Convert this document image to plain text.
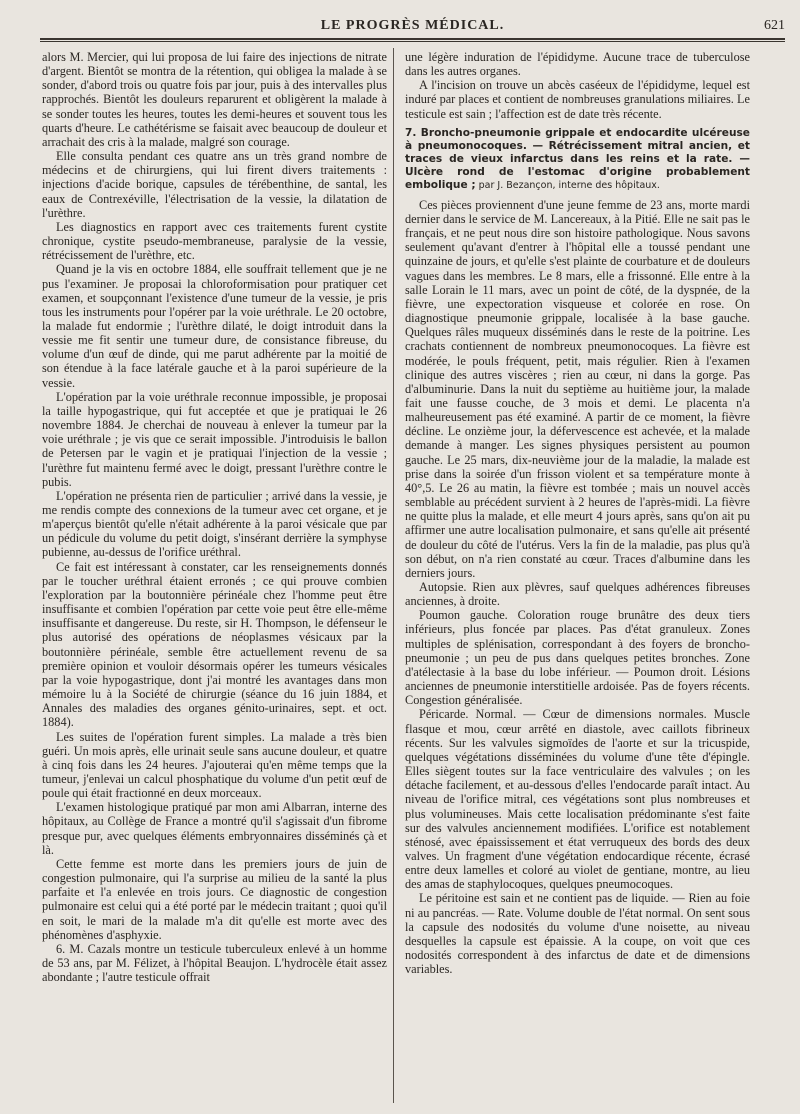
LE PROGRÈS MÉDICAL.	621

alors M. Mercier, qui lui proposa de lui faire des injections de nitrate d'argent. Bientôt se montra de la rétention, qui obligea la malade à se sonder, d'abord trois ou quatre fois par jour, puis à des intervalles plus rapprochés. Bientôt les douleurs reparurent et obligèrent la malade à se sonder toutes les heures, toutes les demi-heures et souvent tous les quarts d'heure. Le cathétérisme se faisait avec beaucoup de douleur et arrachait des cris à la malade, malgré son courage.

Elle consulta pendant ces quatre ans un très grand nombre de médecins et de chirurgiens, qui lui firent divers traitements : injections d'acide borique, capsules de térébenthine, de santal, les eaux de Contrexéville, l'électrisation de la vessie, la dilatation de l'urèthre.

Les diagnostics en rapport avec ces traitements furent cystite chronique, cystite pseudo-membraneuse, paralysie de la vessie, rétrécissement de l'urèthre, etc.

Quand je la vis en octobre 1884, elle souffrait tellement que je ne pus l'examiner. Je proposai la chloroformisation pour pratiquer cet examen, et soupçonnant l'existence d'une tumeur de la vessie, je pris tous les instruments pour l'opérer par la voie uréthrale. Le 20 octobre, la malade fut endormie ; l'urèthre dilaté, le doigt introduit dans la vessie me fit sentir une tumeur dure, de consistance fibreuse, du volume d'un œuf de dinde, qui me parut adhérente par la moitié de son étendue à la face latérale gauche et à la paroi supérieure de la vessie.

L'opération par la voie uréthrale reconnue impossible, je proposai la taille hypogastrique, qui fut acceptée et que je pratiquai le 26 novembre 1884. Je cherchai de nouveau à enlever la tumeur par la voie uréthrale ; je vis que ce serait impossible. J'introduisis le ballon de Petersen par le vagin et je pratiquai l'injection de la vessie ; l'urèthre fut maintenu fermé avec le doigt, pressant l'urèthre contre le pubis.

L'opération ne présenta rien de particulier ; arrivé dans la vessie, je me rendis compte des connexions de la tumeur avec cet organe, et je m'aperçus bientôt qu'elle n'était adhérente à la paroi vésicale que par un pédicule du volume du petit doigt, s'insérant derrière la symphyse pubienne, au-dessus de l'orifice uréthral.

Ce fait est intéressant à constater, car les renseignements donnés par le toucher uréthral étaient erronés ; ce qui prouve combien l'exploration par la boutonnière périnéale chez l'homme peut être insuffisante et combien l'opération par cette voie peut être elle-même insuffisante et dangereuse. Du reste, sir H. Thompson, le défenseur le plus autorisé des opérations de néoplasmes vésicaux par la boutonnière périnéale, semble être actuellement revenu de sa première opinion et vouloir désormais opérer les tumeurs vésicales par la voie hypogastrique, dont j'ai montré les avantages dans mon mémoire lu à la Société de chirurgie (séance du 16 juin 1884, et Annales des maladies des organes génito-urinaires, sept. et oct. 1884).

Les suites de l'opération furent simples. La malade a très bien guéri. Un mois après, elle urinait seule sans aucune douleur, et quatre à cinq fois dans les 24 heures. J'ajouterai qu'en même temps que la tumeur, j'enlevai un calcul phosphatique du volume d'un petit œuf de poule qui était fractionné en deux morceaux.

L'examen histologique pratiqué par mon ami Albarran, interne des hôpitaux, au Collège de France a montré qu'il s'agissait d'un fibrome presque pur, avec quelques éléments embryonnaires disséminés çà et là.

Cette femme est morte dans les premiers jours de juin de congestion pulmonaire, qui l'a surprise au milieu de la santé la plus parfaite et l'a enlevée en trois jours. Ce diagnostic de congestion pulmonaire est celui qui a été porté par le médecin traitant ; quoi qu'il en soit, le mari de la malade m'a dit qu'elle est morte avec des phénomènes d'asphyxie.

6. M. Cazals montre un testicule tuberculeux enlevé à un homme de 53 ans, par M. Félizet, à l'hôpital Beaujon. L'hydrocèle était assez abondante ; l'autre testicule offrait

une légère induration de l'épididyme. Aucune trace de tuberculose dans les autres organes.

A l'incision on trouve un abcès caséeux de l'épididyme, lequel est induré par places et contient de nombreuses granulations miliaires. Le testicule est sain ; l'affection est de date très récente.

7. Broncho-pneumonie grippale et endocardite ulcéreuse à pneumonocoques. — Rétrécissement mitral ancien, et traces de vieux infarctus dans les reins et la rate. — Ulcère rond de l'estomac d'origine probablement embolique ; par J. Bezançon, interne des hôpitaux.

Ces pièces proviennent d'une jeune femme de 23 ans, morte mardi dernier dans le service de M. Lancereaux, à la Pitié. Elle ne sait pas le français, et ne peut nous dire son histoire pathologique. Nous savons seulement qu'avant d'entrer à l'hôpital elle a toussé pendant une quinzaine de jours, et qu'elle s'est plainte de courbature et de douleurs vagues dans les membres. Le 8 mars, elle a frissonné. Elle entre à la salle Lorain le 11 mars, avec un point de côté, de la dyspnée, de la fièvre, une expectoration visqueuse et colorée en rose. On diagnostique pneumonie grippale, localisée à la base gauche. Quelques râles muqueux disséminés dans le reste de la poitrine. Les crachats contiennent de nombreux pneumonocoques. La fièvre est modérée, le pouls fréquent, petit, mais régulier. Rien à l'examen clinique des autres viscères ; rien au cœur, ni dans la gorge. Pas d'albuminurie. Dans la nuit du septième au huitième jour, la malade fait une fausse couche, de 3 mois et demi. Le placenta n'a malheureusement pas été examiné. A partir de ce moment, la fièvre décline. Le onzième jour, la défervescence est achevée, et la malade demande à manger. Les signes physiques persistent au poumon gauche. Le 25 mars, dix-neuvième jour de la maladie, la malade est prise dans la soirée d'un frisson violent et sa température monte à 40°,5. Le 26 au matin, la fièvre est tombée ; mais un nouvel accès semblable au précédent survient à 2 heures de l'après-midi. La fièvre ne quitte plus la malade, et elle meurt 4 jours après, sans qu'on ait pu affirmer une autre localisation pulmonaire, et sans qu'elle ait présenté de douleur du côté de l'utérus. Vers la fin de la maladie, pas plus qu'à son début, on n'a rien constaté au cœur. Traces d'albumine dans les derniers jours.

Autopsie. Rien aux plèvres, sauf quelques adhérences fibreuses anciennes, à droite.

Poumon gauche. Coloration rouge brunâtre des deux tiers inférieurs, plus foncée par places. Pas d'état granuleux. Zones multiples de splénisation, correspondant à des foyers de broncho-pneumonie ; un peu de pus dans quelques petites bronches. Zone d'atélectasie à la base du lobe inférieur. — Poumon droit. Lésions anciennes de pneumonie interstitielle ardoisée. Pas de foyers récents. Congestion généralisée.

Péricarde. Normal. — Cœur de dimensions normales. Muscle flasque et mou, cœur arrêté en diastole, avec caillots fibrineux récents. Sur les valvules sigmoïdes de l'aorte et sur la tricuspide, quelques végétations disséminées du volume d'une tête d'épingle. Elles siègent toutes sur la face ventriculaire des valvules ; on les détache facilement, et au-dessous d'elles l'endocarde paraît intact. Au niveau de l'orifice mitral, ces végétations sont plus nombreuses et plus volumineuses. Mais cette localisation prédominante s'est faite sur des valvules anciennement modifiées. L'orifice est notablement sténosé, avec épaississement et état verruqueux des bords des deux valves. Un fragment d'une végétation endocardique récente, écrasé entre deux lamelles et coloré au violet de gentiane, montre, au lieu des amas de staphylocoques, quelques pneumocoques.

Le péritoine est sain et ne contient pas de liquide. — Rien au foie ni au pancréas. — Rate. Volume double de l'état normal. On sent sous la capsule des nodosités du volume d'une noisette, au niveau desquelles la capsule est épaissie. A la coupe, on voit que ces nodosités correspondent à des infarctus de date et de dimensions variables.
